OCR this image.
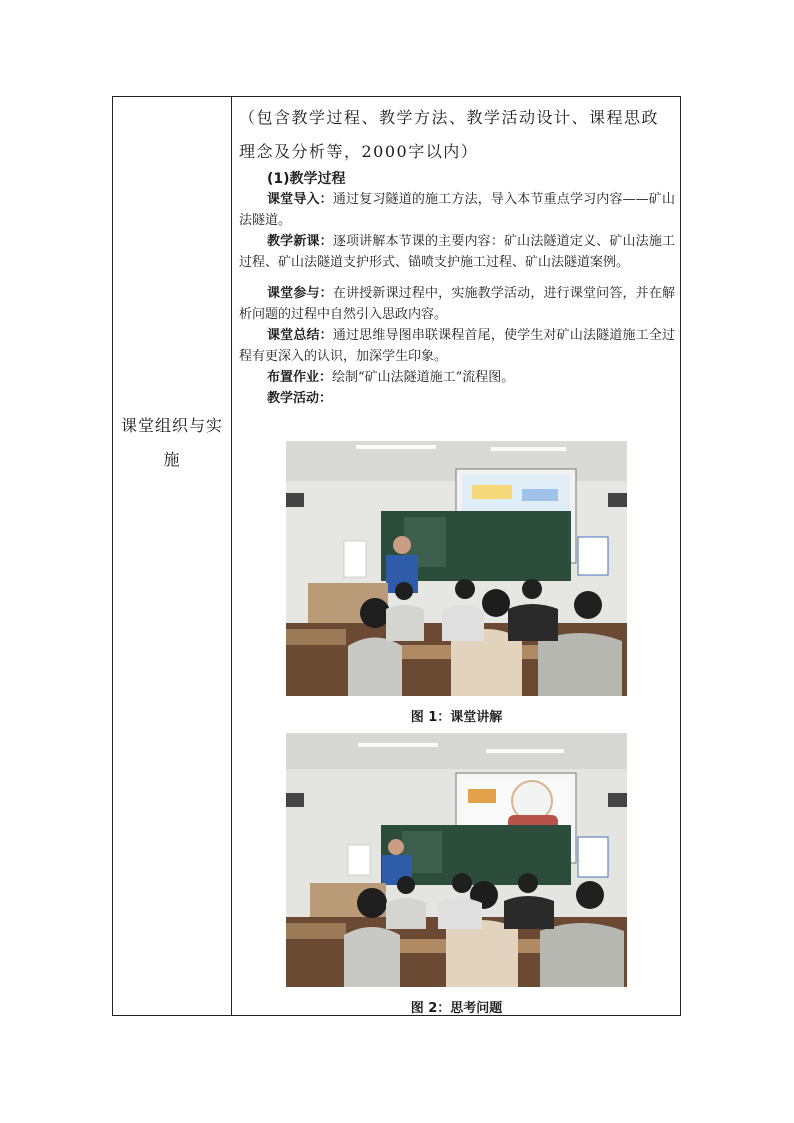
课堂组织与实施

（包含教学过程、教学方法、教学活动设计、课程思政理念及分析等，2000字以内）

(1)教学过程

课堂导入：通过复习隧道的施工方法，导入本节重点学习内容——矿山法隧道。

教学新课：逐项讲解本节课的主要内容：矿山法隧道定义、矿山法施工过程、矿山法隧道支护形式、锚喷支护施工过程、矿山法隧道案例。

课堂参与：在讲授新课过程中，实施教学活动，进行课堂问答，并在解析问题的过程中自然引入思政内容。

课堂总结：通过思维导图串联课程首尾，使学生对矿山法隧道施工全过程有更深入的认识，加深学生印象。

布置作业：绘制“矿山法隧道施工”流程图。

教学活动：

图 1：课堂讲解
图 2：思考问题
